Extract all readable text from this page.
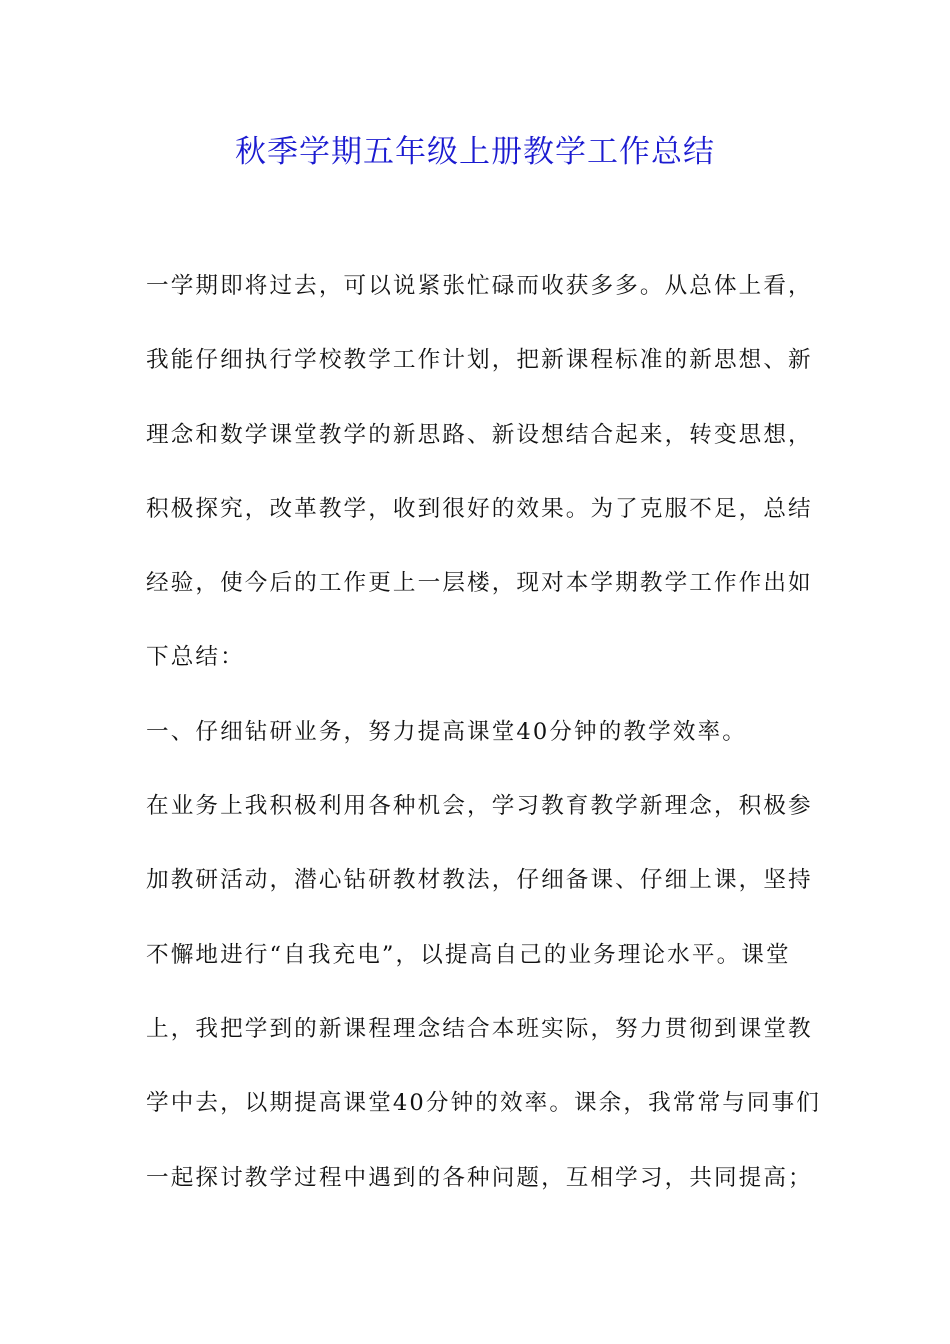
秋季学期五年级上册教学工作总结
一学期即将过去，可以说紧张忙碌而收获多多。从总体上看，
我能仔细执行学校教学工作计划，把新课程标准的新思想、新
理念和数学课堂教学的新思路、新设想结合起来，转变思想，
积极探究，改革教学，收到很好的效果。为了克服不足，总结
经验，使今后的工作更上一层楼，现对本学期教学工作作出如
下总结：
一、仔细钻研业务，努力提高课堂40分钟的教学效率。
在业务上我积极利用各种机会，学习教育教学新理念，积极参
加教研活动，潜心钻研教材教法，仔细备课、仔细上课，坚持
不懈地进行“自我充电”，以提高自己的业务理论水平。课堂
上，我把学到的新课程理念结合本班实际，努力贯彻到课堂教
学中去，以期提高课堂40分钟的效率。课余，我常常与同事们
一起探讨教学过程中遇到的各种问题，互相学习，共同提高；
